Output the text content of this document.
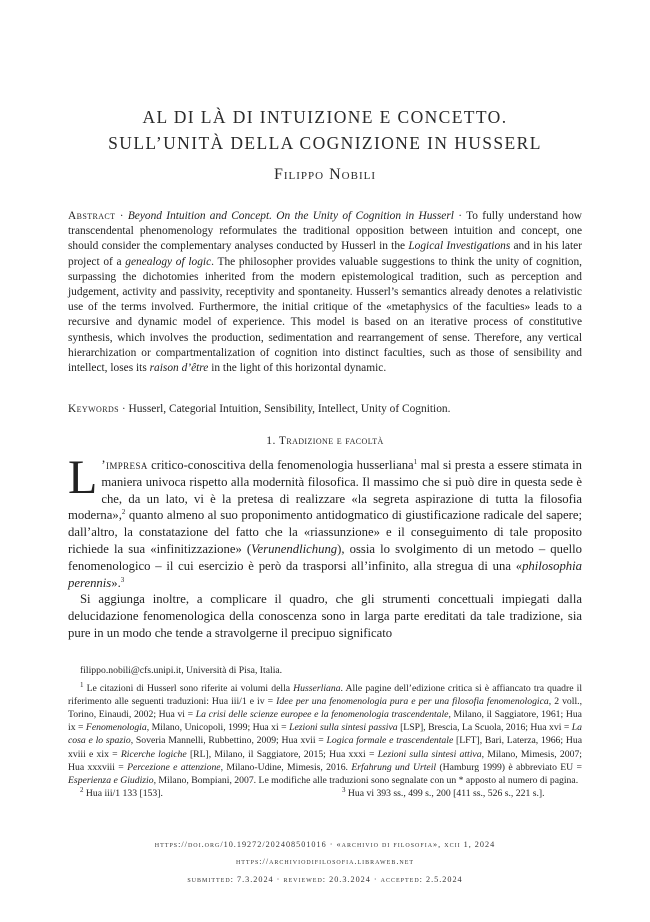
AL DI LÀ DI INTUIZIONE E CONCETTO.
SULL’UNITÀ DELLA COGNIZIONE IN HUSSERL
Filippo Nobili
Abstract · Beyond Intuition and Concept. On the Unity of Cognition in Husserl · To fully understand how transcendental phenomenology reformulates the traditional opposition between intuition and concept, one should consider the complementary analyses conducted by Husserl in the Logical Investigations and in his later project of a genealogy of logic. The philosopher provides valuable suggestions to think the unity of cognition, surpassing the dichotomies inherited from the modern epistemological tradition, such as perception and judgement, activity and passivity, receptivity and spontaneity. Husserl’s semantics already denotes a relativistic use of the terms involved. Furthermore, the initial critique of the «metaphysics of the faculties» leads to a recursive and dynamic model of experience. This model is based on an iterative process of constitutive synthesis, which involves the production, sedimentation and rearrangement of sense. Therefore, any vertical hierarchization or compartmentalization of cognition into distinct faculties, such as those of sensibility and intellect, loses its raison d’être in the light of this horizontal dynamic.
Keywords · Husserl, Categorial Intuition, Sensibility, Intellect, Unity of Cognition.
1. Tradizione e facoltà

L ’impresa critico-conoscitiva della fenomenologia husserliana$^1$ mal si presta a essere stimata in maniera univoca rispetto alla modernità filosofica. Il massimo che si può dire in questa sede è che, da un lato, vi è la pretesa di realizzare «la segreta aspirazione di tutta la filosofia moderna»,$^2$ quanto almeno al suo proponimento antidogmatico di giustificazione radicale del sapere; dall’altro, la constatazione del fatto che la «riassunzione» e il conseguimento di tale proposito richiede la sua «infinitizzazione» (Verunendlichung), ossia lo svolgimento di un metodo – quello fenomenologico – il cui esercizio è però da trasporsi all’infinito, alla stregua di una «philosophia perennis».$^3$

Si aggiunga inoltre, a complicare il quadro, che gli strumenti concettuali impiegati dalla delucidazione fenomenologica della conoscenza sono in larga parte ereditati da tale tradizione, sia pure in un modo che tende a stravolgerne il precipuo significato

filippo.nobili@cfs.unipi.it, Università di Pisa, Italia.

$^1$ Le citazioni di Husserl sono riferite ai volumi della Husserliana. Alle pagine dell’edizione critica si è affiancato tra quadre il riferimento alle seguenti traduzioni: Hua iii/1 e iv = Idee per una fenomenologia pura e per una filosofia fenomenologica, 2 voll., Torino, Einaudi, 2002; Hua vi = La crisi delle scienze europee e la fenomenologia trascendentale, Milano, il Saggiatore, 1961; Hua ix = Fenomenologia, Milano, Unicopoli, 1999; Hua xi = Lezioni sulla sintesi passiva [LSP], Brescia, La Scuola, 2016; Hua xvi = La cosa e lo spazio, Soveria Mannelli, Rubbettino, 2009; Hua xvii = Logica formale e trascendentale [LFT], Bari, Laterza, 1966; Hua xviii e xix = Ricerche logiche [RL], Milano, il Saggiatore, 2015; Hua xxxi = Lezioni sulla sintesi attiva, Milano, Mimesis, 2007; Hua xxxviii = Percezione e attenzione, Milano-Udine, Mimesis, 2016. Erfahrung und Urteil (Hamburg 1999) è abbreviato EU = Esperienza e Giudizio, Milano, Bompiani, 2007. Le modifiche alle traduzioni sono segnalate con un * apposto al numero di pagina.

$^2$ Hua iii/1 133 [153].	$^3$ Hua vi 393 ss., 499 s., 200 [411 ss., 526 s., 221 s.].
https://doi.org/10.19272/202408501016 · «archivio di filosofia», xcii 1, 2024
https://archiviodifilosofia.libraweb.net
submitted: 7.3.2024 · reviewed: 20.3.2024 · accepted: 2.5.2024
